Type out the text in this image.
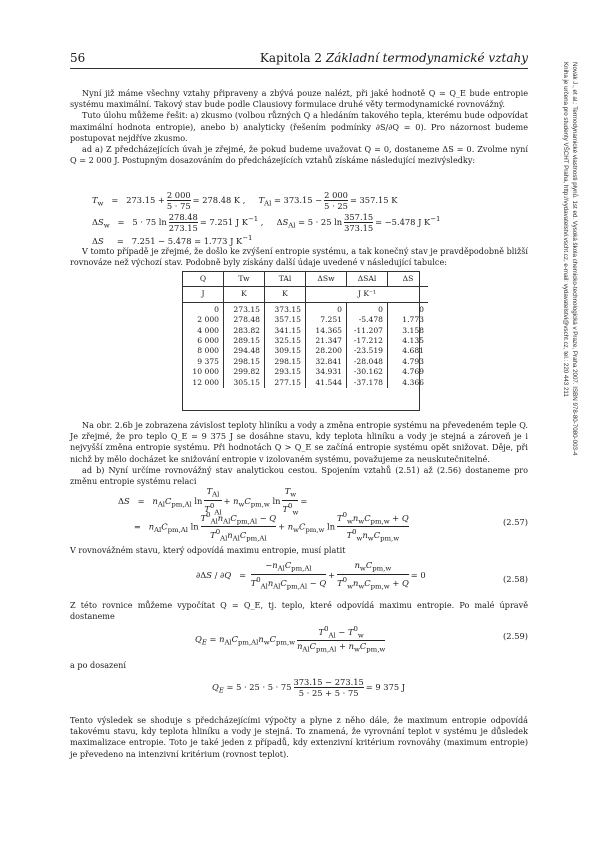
56	Kapitola 2 Základní termodynamické vztahy
Novák J., et al.: Termodynamické vlastnosti plynů. 1st ed. Vysoká škola chemicko-technologická v Praze, Praha 2007. ISBN 978-80-7080-003-4
Kniha je určena pro studenty VŠCHT Praha, http://vydavatelstvi.vscht.cz, e-mail: vydavatelstvi@vscht.cz, tel.: 220 443 211

Nyní již máme všechny vztahy připraveny a zbývá pouze nalézt, při jaké hodnotě Q = Q_E bude entropie systému maximální. Takový stav bude podle Clausiovy formulace druhé věty termodynamické rovnovážný.

Tuto úlohu můžeme řešit: a) zkusmo (volbou různých Q a hledáním takového tepla, kterému bude odpovídat maximální hodnota entropie), anebo b) analyticky (řešením podmínky ∂S/∂Q = 0). Pro názornost budeme postupovat nejdříve zkusmo.

ad a) Z předcházejících úvah je zřejmé, že pokud budeme uvažovat Q = 0, dostaneme ΔS = 0. Zvolme nyní Q = 2 000 J. Postupným dosazováním do předcházejících vztahů získáme následující mezivýsledky:

$T_w = 273.15 + \frac{2 000}{5 \cdot 75} = 278.48$ K ,     $T_{Al} = 373.15 - \frac{2 000}{5 \cdot 25} = 357.15$ K
$\Delta S_w = 5 \cdot 75$ $\ln \frac{278.48}{273.15} = 7.251$ J $K^{-1}$ ,     $\Delta S_{Al} = 5 \cdot 25$ $\ln \frac{357.15}{373.15} = -5.478$ J $K^{-1}$
ΔS     =   7.251 − 5.478 = 1.773 J $K^{-1}$

V tomto případě je zřejmé, že došlo ke zvýšení entropie systému, a tak konečný stav je pravděpodobně bližší rovnováze než výchozí stav. Podobně byly získány další údaje uvedené v následující tabulce:

Q	Tw	TAl	ΔSw	ΔSAl	ΔS
J	K	K	J K⁻¹		
0	273.15	373.15	0	0	0
2 000	278.48	357.15	7.251	-5.478	1.773
4 000	283.82	341.15	14.365	-11.207	3.158
6 000	289.15	325.15	21.347	-17.212	4.135
8 000	294.48	309.15	28.200	-23.519	4.681
9 375	298.15	298.15	32.841	-28.048	4.793
10 000	299.82	293.15	34.931	-30.162	4.769
12 000	305.15	277.15	41.544	-37.178	4.366

Na obr. 2.6b je zobrazena závislost teploty hliníku a vody a změna entropie systému na převedeném teple Q. Je zřejmé, že pro teplo Q_E = 9 375 J se dosáhne stavu, kdy teplota hliníku a vody je stejná a zároveň je i nejvyšší změna entropie systému. Při hodnotách Q > Q_E se začíná entropie systému opět snižovat. Děje, při nichž by mělo docházet ke snižování entropie v izolovaném systému, považujeme za neuskutečnitelné.

ad b) Nyní určíme rovnovážný stav analytickou cestou. Spojením vztahů (2.51) až (2.56) dostaneme pro změnu entropie systému relaci

$\Delta S = n_{Al}C_{pm,Al}$ $\ln \frac{T_{Al}}{T^0_{Al}} + n_wC_{pm,w}$ $\ln \frac{T_w}{T^0_w}$ =
=   $n_{Al}C_{pm,Al}$ $\ln \frac{T^0_{Al}n_{Al}C_{pm,Al} - Q}{T^0_{Al}n_{Al}C_{pm,Al}} + n_wC_{pm,w}$ $\ln \frac{T^0_wn_wC_{pm,w} + Q}{T^0_wn_wC_{pm,w}}$	(2.57)

V rovnovážném stavu, který odpovídá maximu entropie, musí platit

$\partial\Delta S / \partial Q = \frac{-n_{Al}C_{pm,Al}}{T^0_{Al}n_{Al}C_{pm,Al} - Q} + \frac{n_wC_{pm,w}}{T^0_wn_wC_{pm,w} + Q} = 0$	(2.58)

Z této rovnice můžeme vypočítat Q = Q_E, tj. teplo, které odpovídá maximu entropie. Po malé úpravě dostaneme

$Q_E = n_{Al}C_{pm,Al}n_wC_{pm,w} \frac{T^0_{Al} - T^0_w}{n_{Al}C_{pm,Al} + n_wC_{pm,w}}$	(2.59)

a po dosazení

$Q_E = 5 \cdot 25 \cdot 5 \cdot 75 \frac{373.15 - 273.15}{5 \cdot 25 + 5 \cdot 75} = 9$ 375 J

Tento výsledek se shoduje s předcházejícími výpočty a plyne z něho dále, že maximum entropie odpovídá takovému stavu, kdy teplota hliníku a vody je stejná. To znamená, že vyrovnání teplot v systému je důsledek maximalizace entropie. Toto je také jeden z případů, kdy extenzivní kritérium rovnováhy (maximum entropie) je převedeno na intenzivní kritérium (rovnost teplot).
